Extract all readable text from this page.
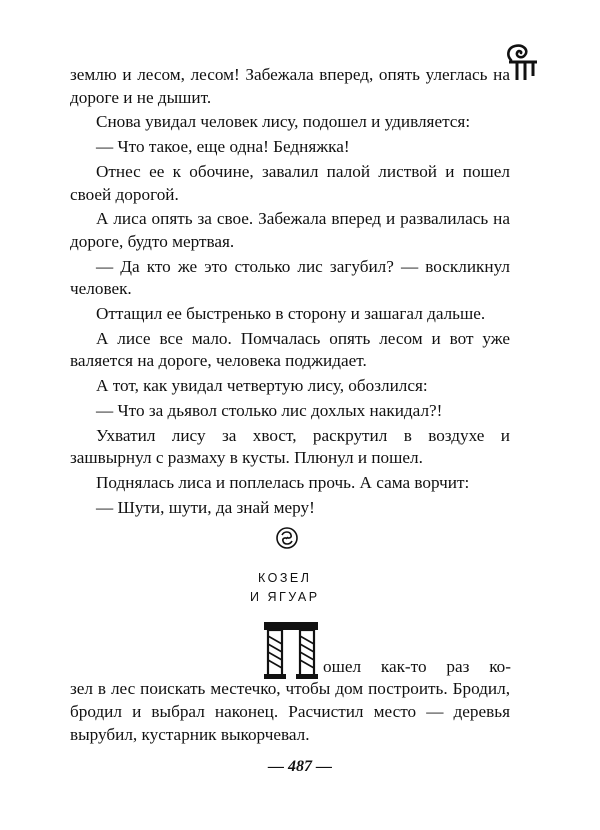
землю и лесом, лесом! Забежала вперед, опять улеглась на дороге и не дышит.

Снова увидал человек лису, подошел и удивляется:

— Что такое, еще одна! Бедняжка!

Отнес ее к обочине, завалил палой листвой и пошел своей дорогой.

А лиса опять за свое. Забежала вперед и развалилась на дороге, будто мертвая.

— Да кто же это столько лис загубил? — воскликнул человек.

Оттащил ее быстренько в сторону и зашагал дальше.

А лисе все мало. Помчалась опять лесом и вот уже валяется на дороге, человека поджидает.

А тот, как увидал четвертую лису, обозлился:

— Что за дьявол столько лис дохлых накидал?!

Ухватил лису за хвост, раскрутил в воздухе и зашвырнул с размаху в кусты. Плюнул и пошел.

Поднялась лиса и поплелась прочь. А сама ворчит:

— Шути, шути, да знай меру!

КОЗЕЛ
И ЯГУАР
ошел как-то раз ко-

зел в лес поискать местечко, чтобы дом построить. Бродил, бродил и выбрал наконец. Расчистил место — деревья вырубил, кустарник выкорчевал.

— 487 —
